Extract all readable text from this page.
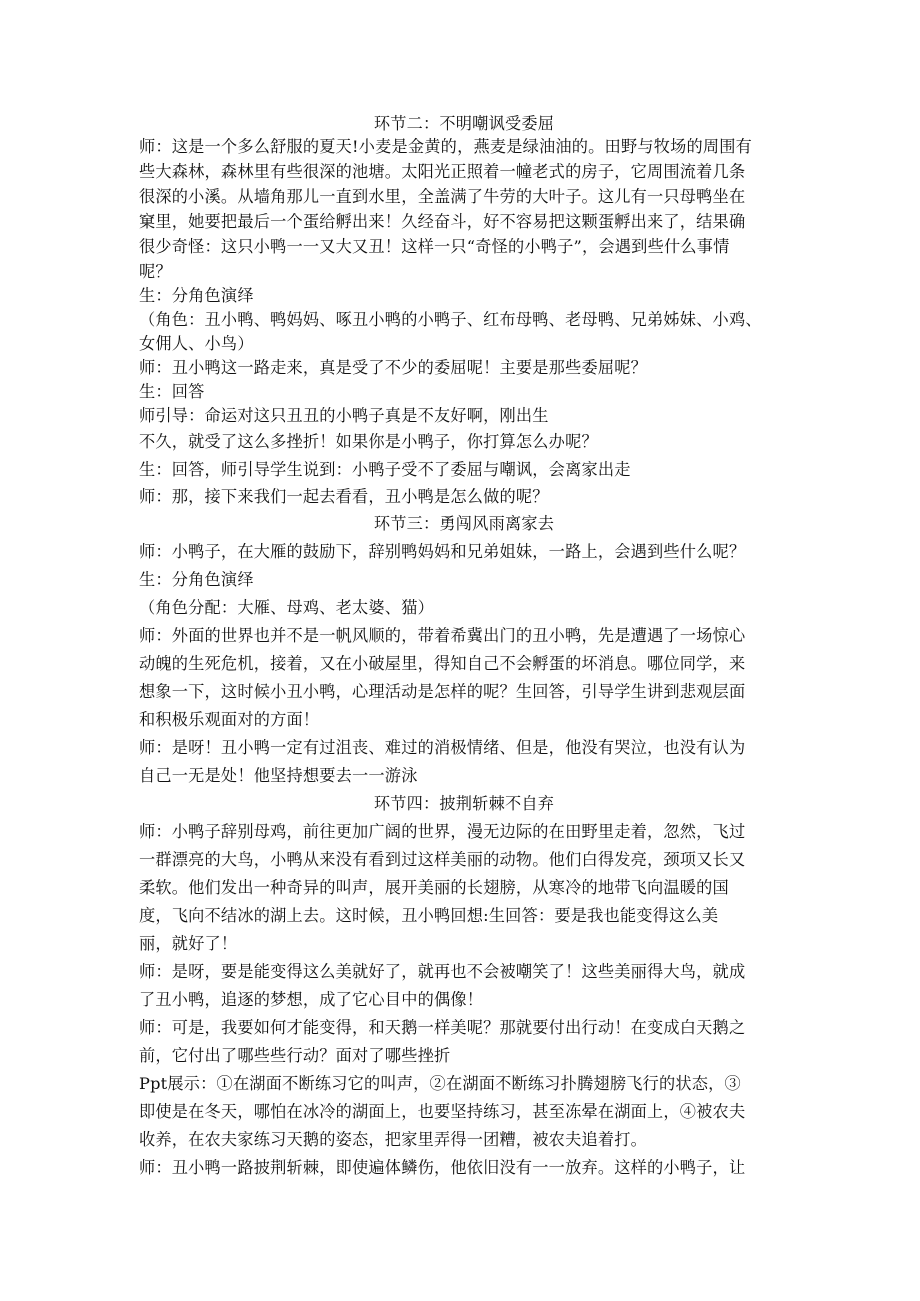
环节二：不明嘲讽受委屈
师：这是一个多么舒服的夏天!小麦是金黄的，燕麦是绿油油的。田野与牧场的周围有
些大森林，森林里有些很深的池塘。太阳光正照着一幢老式的房子，它周围流着几条
很深的小溪。从墙角那儿一直到水里，全盖满了牛劳的大叶子。这儿有一只母鸭坐在
窠里，她要把最后一个蛋给孵出来！久经奋斗，好不容易把这颗蛋孵出来了，结果确
很少奇怪：这只小鸭一一又大又丑！这样一只“奇怪的小鸭子”，会遇到些什么事情
呢？
生：分角色演绎
（角色：丑小鸭、鸭妈妈、啄丑小鸭的小鸭子、红布母鸭、老母鸭、兄弟姊妹、小鸡、
女佣人、小鸟）
师：丑小鸭这一路走来，真是受了不少的委屈呢！主要是那些委屈呢？
生：回答
师引导：命运对这只丑丑的小鸭子真是不友好啊，刚出生
不久，就受了这么多挫折！如果你是小鸭子，你打算怎么办呢？
生：回答，师引导学生说到：小鸭子受不了委屈与嘲讽，会离家出走
师：那，接下来我们一起去看看，丑小鸭是怎么做的呢？
环节三：勇闯风雨离家去
师：小鸭子，在大雁的鼓励下，辞别鸭妈妈和兄弟姐妹，一路上，会遇到些什么呢？
生：分角色演绎
（角色分配：大雁、母鸡、老太婆、猫）
师：外面的世界也并不是一帆风顺的，带着希冀出门的丑小鸭，先是遭遇了一场惊心
动魄的生死危机，接着，又在小破屋里，得知自己不会孵蛋的坏消息。哪位同学，来
想象一下，这时候小丑小鸭，心理活动是怎样的呢？生回答，引导学生讲到悲观层面
和积极乐观面对的方面！
师：是呀！丑小鸭一定有过沮丧、难过的消极情绪、但是，他没有哭泣，也没有认为
自己一无是处！他坚持想要去一一游泳
环节四：披荆斩棘不自弃
师：小鸭子辞别母鸡，前往更加广阔的世界，漫无边际的在田野里走着，忽然，飞过
一群漂亮的大鸟，小鸭从来没有看到过这样美丽的动物。他们白得发亮，颈项又长又
柔软。他们发出一种奇异的叫声，展开美丽的长翅膀，从寒冷的地带飞向温暖的国
度，飞向不结冰的湖上去。这时候，丑小鸭回想:生回答：要是我也能变得这么美
丽，就好了！
师：是呀，要是能变得这么美就好了，就再也不会被嘲笑了！这些美丽得大鸟，就成
了丑小鸭，追逐的梦想，成了它心目中的偶像！
师：可是，我要如何才能变得，和天鹅一样美呢？那就要付出行动！在变成白天鹅之
前，它付出了哪些些行动？面对了哪些挫折
Ppt展示：①在湖面不断练习它的叫声，②在湖面不断练习扑腾翅膀飞行的状态，③
即使是在冬天，哪怕在冰冷的湖面上，也要坚持练习，甚至冻晕在湖面上，④被农夫
收养，在农夫家练习天鹅的姿态，把家里弄得一团糟，被农夫追着打。
师：丑小鸭一路披荆斩棘，即使遍体鳞伤，他依旧没有一一放弃。这样的小鸭子，让
